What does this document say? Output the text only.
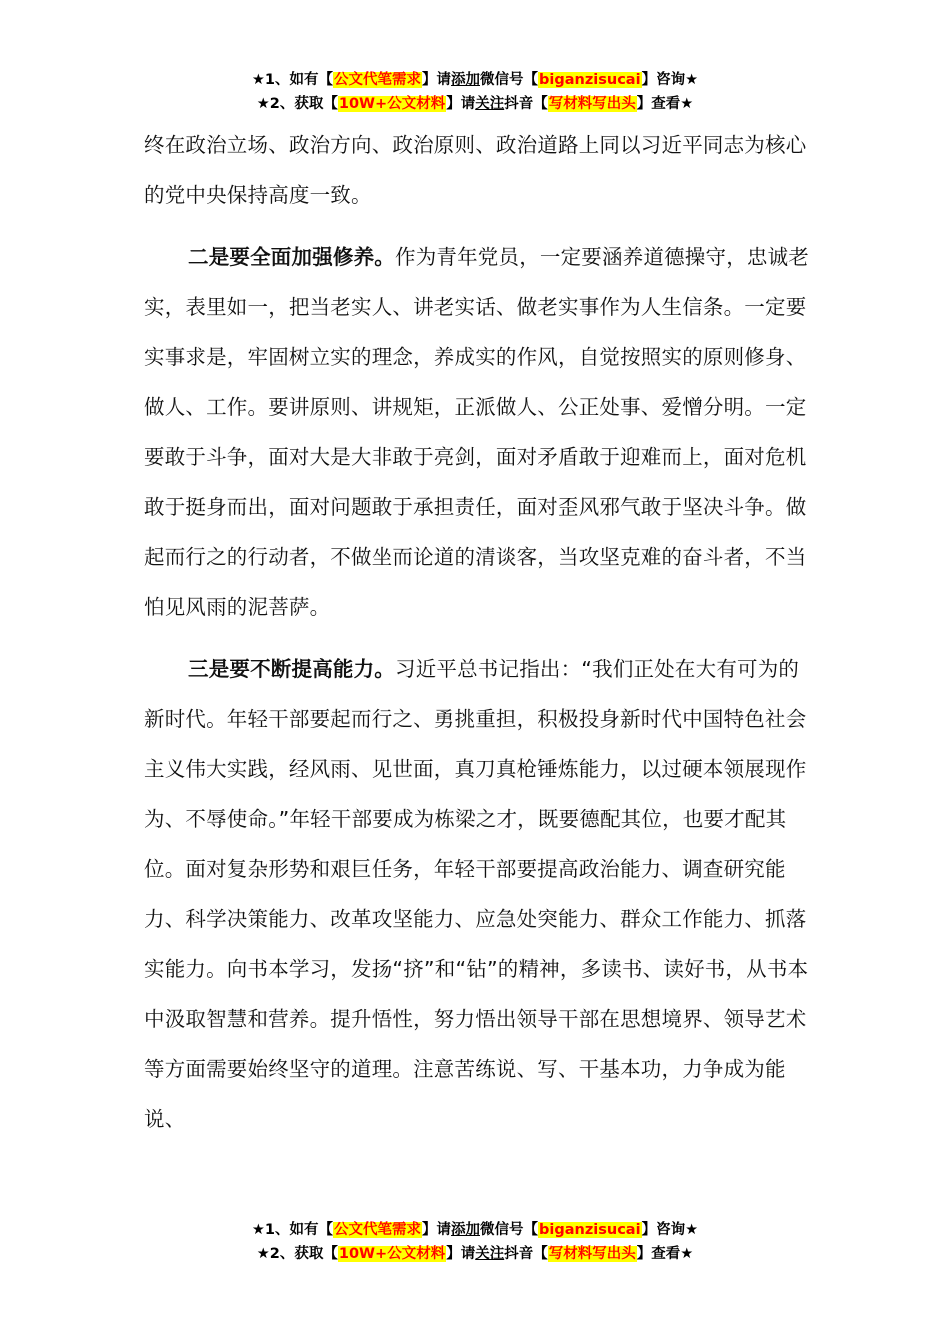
★1、如有【公文代笔需求】请添加微信号【biganzisucai】咨询★
★2、获取【10W+公文材料】请关注抖音【写材料写出头】查看★

终在政治立场、政治方向、政治原则、政治道路上同以习近平同志为核心的党中央保持高度一致。

二是要全面加强修养。作为青年党员，一定要涵养道德操守，忠诚老实，表里如一，把当老实人、讲老实话、做老实事作为人生信条。一定要实事求是，牢固树立实的理念，养成实的作风，自觉按照实的原则修身、做人、工作。要讲原则、讲规矩，正派做人、公正处事、爱憎分明。一定要敢于斗争，面对大是大非敢于亮剑，面对矛盾敢于迎难而上，面对危机敢于挺身而出，面对问题敢于承担责任，面对歪风邪气敢于坚决斗争。做起而行之的行动者，不做坐而论道的清谈客，当攻坚克难的奋斗者，不当怕见风雨的泥菩萨。

三是要不断提高能力。习近平总书记指出：“我们正处在大有可为的新时代。年轻干部要起而行之、勇挑重担，积极投身新时代中国特色社会主义伟大实践，经风雨、见世面，真刀真枪锤炼能力，以过硬本领展现作为、不辱使命。”年轻干部要成为栋梁之才，既要德配其位，也要才配其位。面对复杂形势和艰巨任务，年轻干部要提高政治能力、调查研究能力、科学决策能力、改革攻坚能力、应急处突能力、群众工作能力、抓落实能力。向书本学习，发扬“挤”和“钻”的精神，多读书、读好书，从书本中汲取智慧和营养。提升悟性，努力悟出领导干部在思想境界、领导艺术等方面需要始终坚守的道理。注意苦练说、写、干基本功，力争成为能说、

★1、如有【公文代笔需求】请添加微信号【biganzisucai】咨询★
★2、获取【10W+公文材料】请关注抖音【写材料写出头】查看★
